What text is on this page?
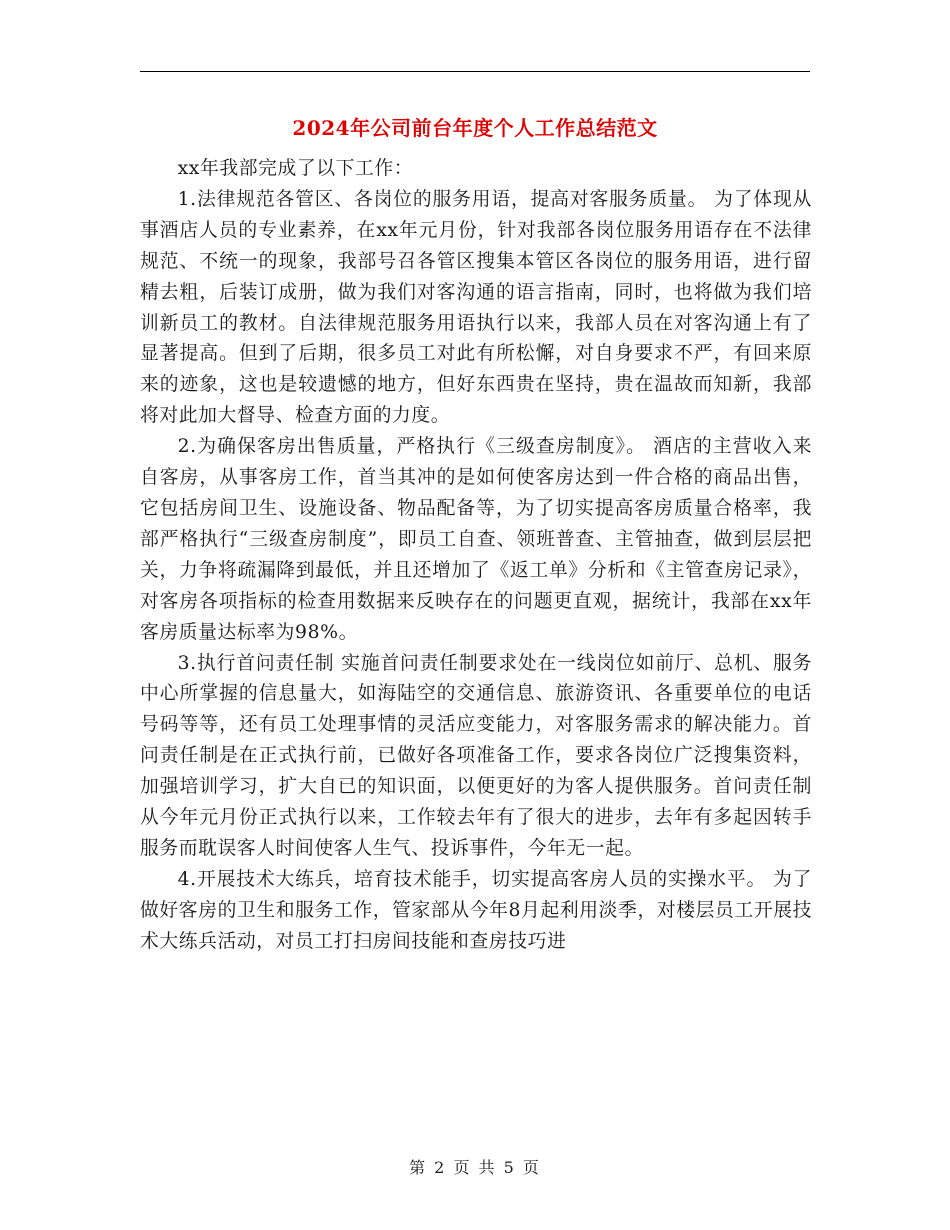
2024年公司前台年度个人工作总结范文

xx年我部完成了以下工作：

1.法律规范各管区、各岗位的服务用语，提高对客服务质量。 为了体现从事酒店人员的专业素养，在xx年元月份，针对我部各岗位服务用语存在不法律规范、不统一的现象，我部号召各管区搜集本管区各岗位的服务用语，进行留精去粗，后装订成册，做为我们对客沟通的语言指南，同时，也将做为我们培训新员工的教材。自法律规范服务用语执行以来，我部人员在对客沟通上有了显著提高。但到了后期，很多员工对此有所松懈，对自身要求不严，有回来原来的迹象，这也是较遗憾的地方，但好东西贵在坚持，贵在温故而知新，我部将对此加大督导、检查方面的力度。

2.为确保客房出售质量，严格执行《三级查房制度》。 酒店的主营收入来自客房，从事客房工作，首当其冲的是如何使客房达到一件合格的商品出售，它包括房间卫生、设施设备、物品配备等，为了切实提高客房质量合格率，我部严格执行“三级查房制度”，即员工自查、领班普查、主管抽查，做到层层把关，力争将疏漏降到最低，并且还增加了《返工单》分析和《主管查房记录》，对客房各项指标的检查用数据来反映存在的问题更直观，据统计，我部在xx年客房质量达标率为98%。

3.执行首问责任制 实施首问责任制要求处在一线岗位如前厅、总机、服务中心所掌握的信息量大，如海陆空的交通信息、旅游资讯、各重要单位的电话号码等等，还有员工处理事情的灵活应变能力，对客服务需求的解决能力。首问责任制是在正式执行前，已做好各项准备工作，要求各岗位广泛搜集资料，加强培训学习，扩大自已的知识面，以便更好的为客人提供服务。首问责任制从今年元月份正式执行以来，工作较去年有了很大的进步，去年有多起因转手服务而耽误客人时间使客人生气、投诉事件，今年无一起。

4.开展技术大练兵，培育技术能手，切实提高客房人员的实操水平。 为了做好客房的卫生和服务工作，管家部从今年8月起利用淡季，对楼层员工开展技术大练兵活动，对员工打扫房间技能和查房技巧进

第 2 页 共 5 页
